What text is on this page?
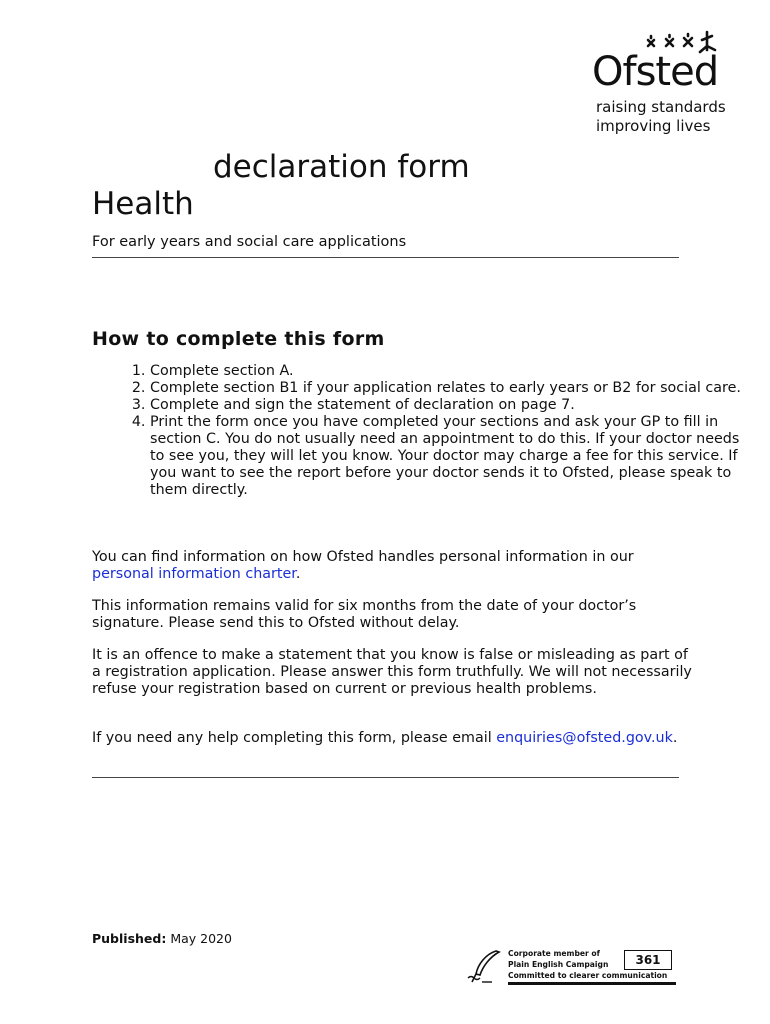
Ofsted
raising standards
improving lives
declaration form
Health
For early years and social care applications
How to complete this form
1. Complete section A.
2. Complete section B1 if your application relates to early years or B2 for social care.
3. Complete and sign the statement of declaration on page 7.
4. Print the form once you have completed your sections and ask your GP to fill in section C. You do not usually need an appointment to do this. If your doctor needs to see you, they will let you know. Your doctor may charge a fee for this service. If you want to see the report before your doctor sends it to Ofsted, please speak to them directly.
You can find information on how Ofsted handles personal information in our personal information charter.
This information remains valid for six months from the date of your doctor’s signature. Please send this to Ofsted without delay.
It is an offence to make a statement that you know is false or misleading as part of a registration application. Please answer this form truthfully. We will not necessarily refuse your registration based on current or previous health problems.
If you need any help completing this form, please email enquiries@ofsted.gov.uk.
Published: May 2020
Corporate member of
Plain English Campaign
Committed to clearer communication
361
